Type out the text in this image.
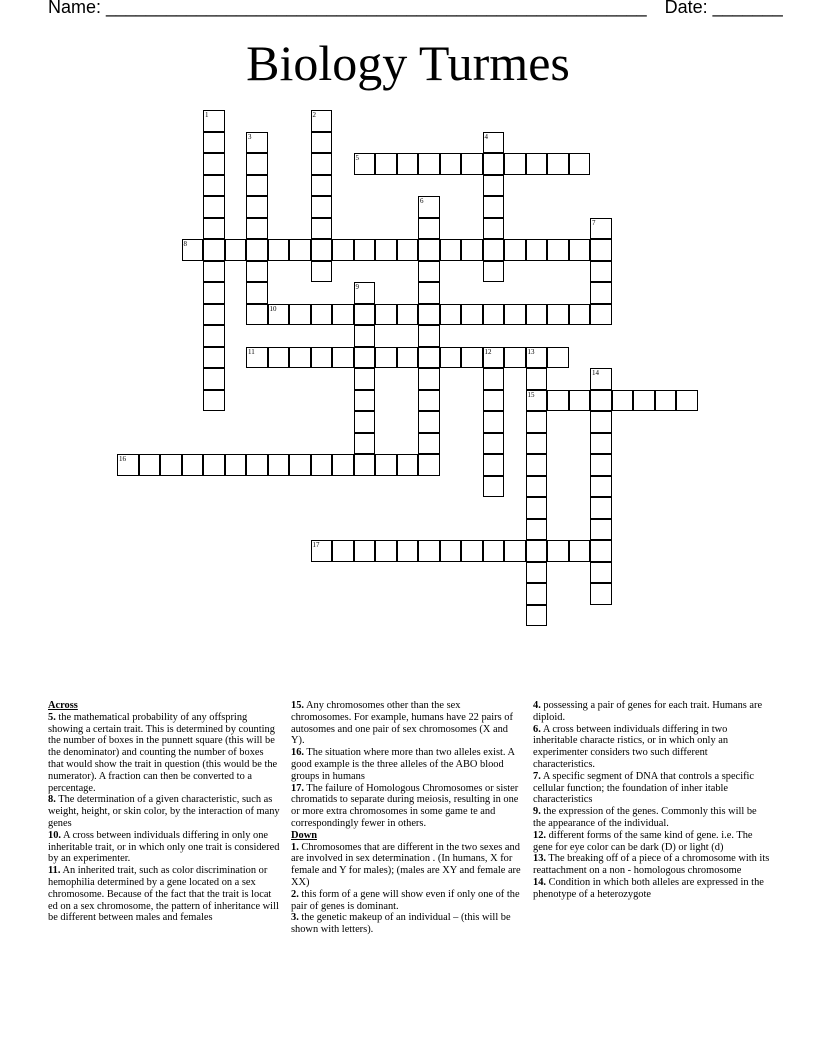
Name: ______________________________________________________ Date: _______
Biology Turmes
1	2
3	4
5
6
7
8
9
10
11	12	13
15
14
16
17

Across

5. the mathematical probability of any offspring showing a certain trait. This is determined by counting the number of boxes in the punnett square (this will be the denominator) and counting the number of boxes that would show the trait in question (this would be the numerator). A fraction can then be converted to a percentage.

8. The determination of a given characteristic, such as weight, height, or skin color, by the interaction of many genes

10. A cross between individuals differing in only one inheritable trait, or in which only one trait is considered by an experimenter.

11. An inherited trait, such as color discrimination or hemophilia determined by a gene located on a sex chromosome. Because of the fact that the trait is locat ed on a sex chromosome, the pattern of inheritance will be different between males and females

15. Any chromosomes other than the sex chromosomes. For example, humans have 22 pairs of autosomes and one pair of sex chromosomes (X and Y).

16. The situation where more than two alleles exist. A good example is the three alleles of the ABO blood groups in humans

17. The failure of Homologous Chromosomes or sister chromatids to separate during meiosis, resulting in one or more extra chromosomes in some game te and correspondingly fewer in others.

Down

1. Chromosomes that are different in the two sexes and are involved in sex determination . (In humans, X for female and Y for males); (males are XY and female are XX)

2. this form of a gene will show even if only one of the pair of genes is dominant.

3. the genetic makeup of an individual – (this will be shown with letters).

4. possessing a pair of genes for each trait. Humans are diploid.

6. A cross between individuals differing in two inheritable characte ristics, or in which only an experimenter considers two such different characteristics.

7. A specific segment of DNA that controls a specific cellular function; the foundation of inher itable characteristics

9. the expression of the genes. Commonly this will be the appearance of the individual.

12. different forms of the same kind of gene. i.e. The gene for eye color can be dark (D) or light (d)

13. The breaking off of a piece of a chromosome with its reattachment on a non - homologous chromosome

14. Condition in which both alleles are expressed in the phenotype of a heterozygote
